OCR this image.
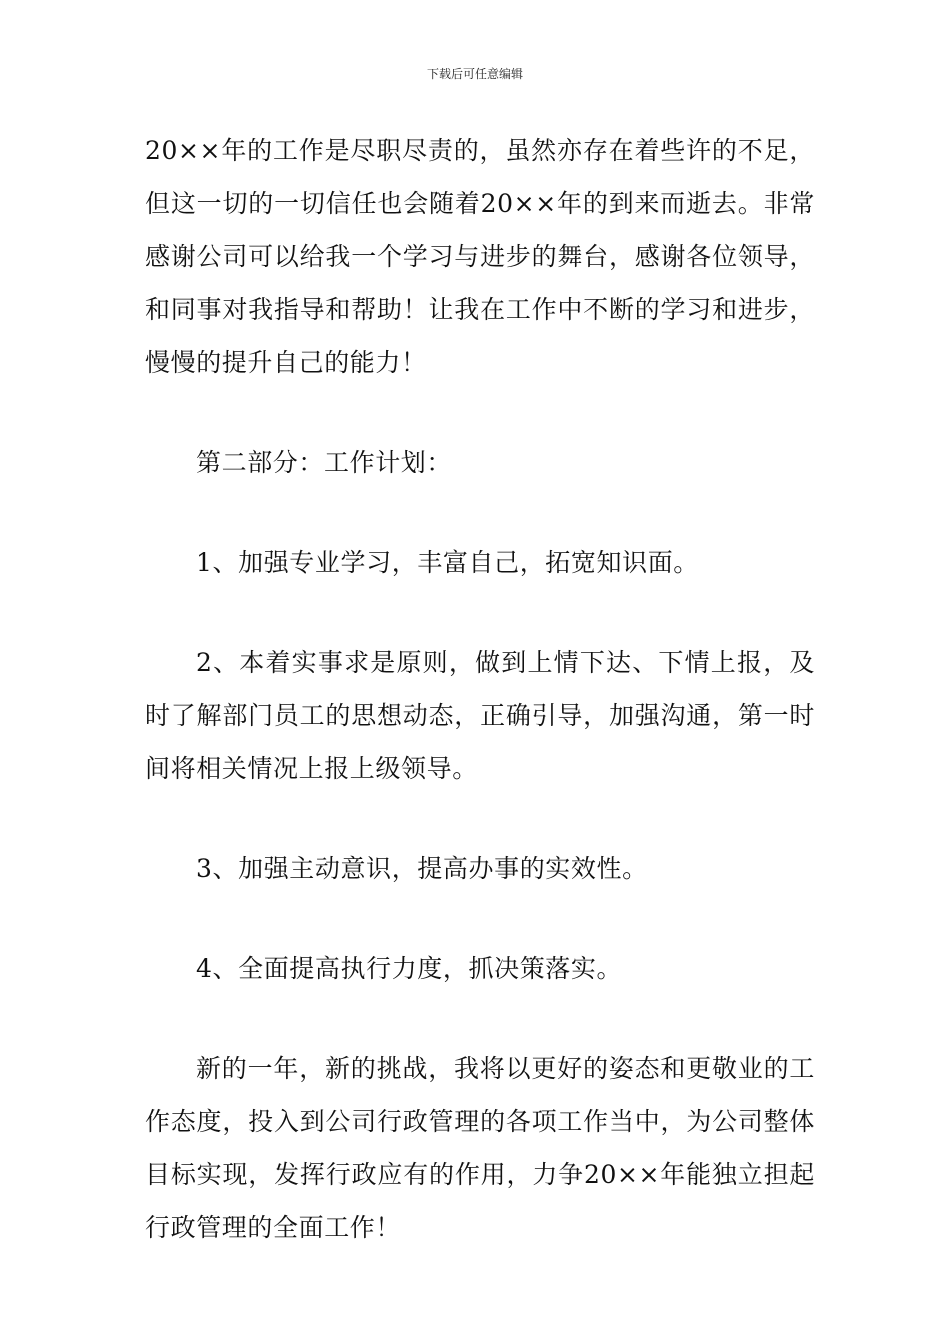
下载后可任意编辑

20××年的工作是尽职尽责的，虽然亦存在着些许的不足，但这一切的一切信任也会随着20××年的到来而逝去。非常感谢公司可以给我一个学习与进步的舞台，感谢各位领导，和同事对我指导和帮助！让我在工作中不断的学习和进步，慢慢的提升自己的能力！

第二部分：工作计划：

1、加强专业学习，丰富自己，拓宽知识面。

2、本着实事求是原则，做到上情下达、下情上报，及时了解部门员工的思想动态，正确引导，加强沟通，第一时间将相关情况上报上级领导。

3、加强主动意识，提高办事的实效性。

4、全面提高执行力度，抓决策落实。

新的一年，新的挑战，我将以更好的姿态和更敬业的工作态度，投入到公司行政管理的各项工作当中，为公司整体目标实现，发挥行政应有的作用，力争20××年能独立担起行政管理的全面工作！
